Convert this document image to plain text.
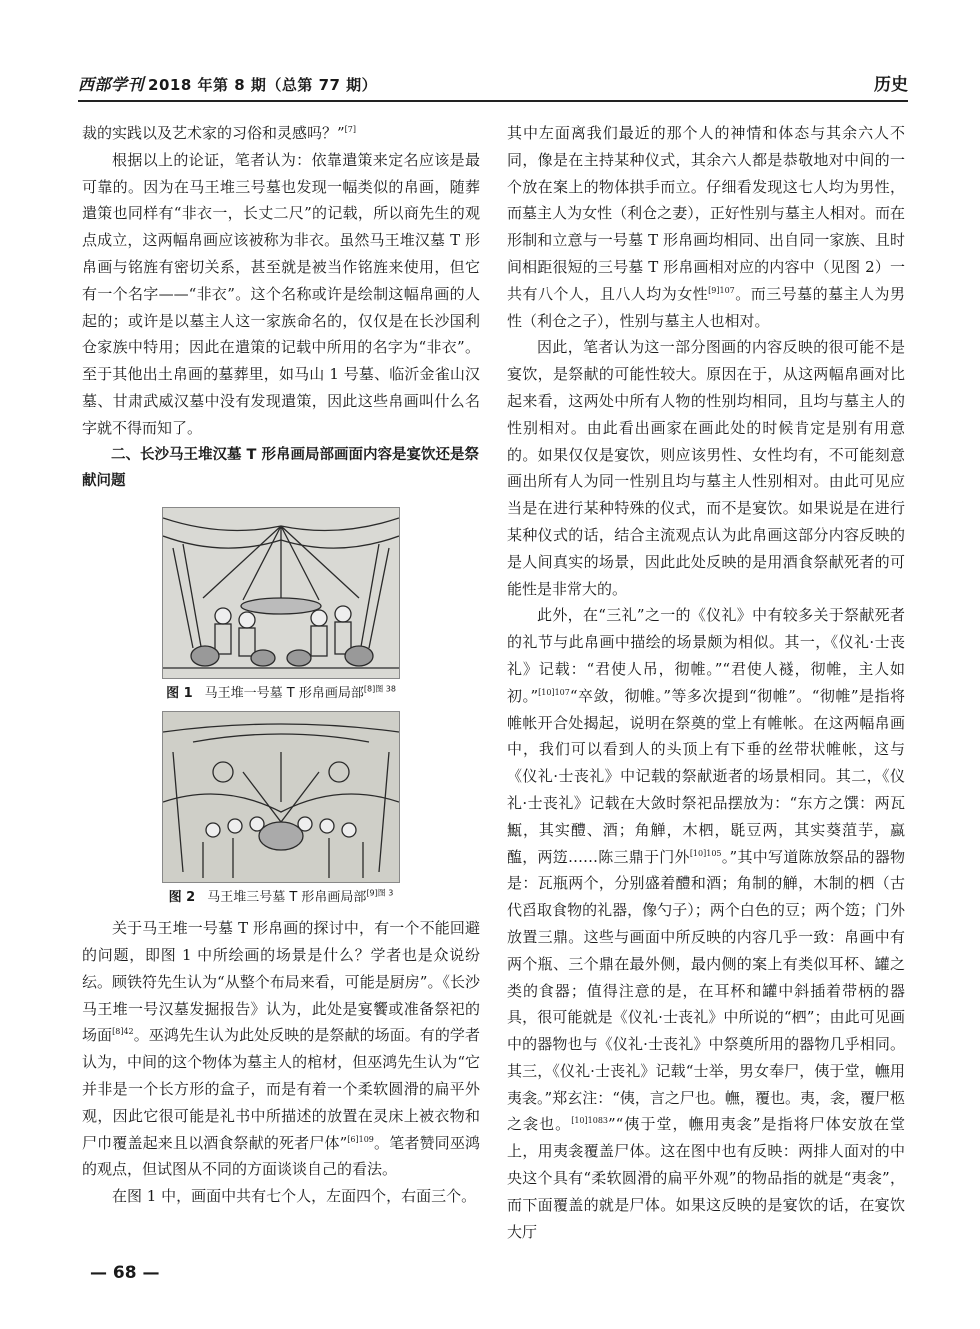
西部学刊 2018 年第 8 期（总第 77 期）	历史

裁的实践以及艺术家的习俗和灵感吗？”[7]

根据以上的论证，笔者认为：依靠遣策来定名应该是最可靠的。因为在马王堆三号墓也发现一幅类似的帛画，随葬遣策也同样有“非衣一，长丈二尺”的记载，所以商先生的观点成立，这两幅帛画应该被称为非衣。虽然马王堆汉墓 T 形帛画与铭旌有密切关系，甚至就是被当作铭旌来使用，但它有一个名字——“非衣”。这个名称或许是绘制这幅帛画的人起的；或许是以墓主人这一家族命名的，仅仅是在长沙国利仓家族中特用；因此在遣策的记载中所用的名字为“非衣”。至于其他出土帛画的墓葬里，如马山 1 号墓、临沂金雀山汉墓、甘肃武威汉墓中没有发现遣策，因此这些帛画叫什么名字就不得而知了。

二、长沙马王堆汉墓 T 形帛画局部画面内容是宴饮还是祭献问题
图 1 马王堆一号墓 T 形帛画局部$^{[8]图 38}$
图 2 马王堆三号墓 T 形帛画局部$^{[9]图 3}$

关于马王堆一号墓 T 形帛画的探讨中，有一个不能回避的问题，即图 1 中所绘画的场景是什么？学者也是众说纷纭。顾铁符先生认为“从整个布局来看，可能是厨房”。《长沙马王堆一号汉墓发掘报告》认为，此处是宴饗或准备祭祀的场面$^{[8]42}$。巫鸿先生认为此处反映的是祭献的场面。有的学者认为，中间的这个物体为墓主人的棺材，但巫鸿先生认为“它并非是一个长方形的盒子，而是有着一个柔软圆滑的扁平外观，因此它很可能是礼书中所描述的放置在灵床上被衣物和尸巾覆盖起来且以酒食祭献的死者尸体”$^{[6]109}$。笔者赞同巫鸿的观点，但试图从不同的方面谈谈自己的看法。

在图 1 中，画面中共有七个人，左面四个，右面三个。

其中左面离我们最近的那个人的神情和体态与其余六人不同，像是在主持某种仪式，其余六人都是恭敬地对中间的一个放在案上的物体拱手而立。仔细看发现这七人均为男性，而墓主人为女性（利仓之妻），正好性别与墓主人相对。而在形制和立意与一号墓 T 形帛画均相同、出自同一家族、且时间相距很短的三号墓 T 形帛画相对应的内容中（见图 2）一共有八个人，且八人均为女性$^{[9]107}$。而三号墓的墓主人为男性（利仓之子），性别与墓主人也相对。

因此，笔者认为这一部分图画的内容反映的很可能不是宴饮，是祭献的可能性较大。原因在于，从这两幅帛画对比起来看，这两处中所有人物的性别均相同，且均与墓主人的性别相对。由此看出画家在画此处的时候肯定是别有用意的。如果仅仅是宴饮，则应该男性、女性均有，不可能刻意画出所有人为同一性别且均与墓主人性别相对。由此可见应当是在进行某种特殊的仪式，而不是宴饮。如果说是在进行某种仪式的话，结合主流观点认为此帛画这部分内容反映的是人间真实的场景，因此此处反映的是用酒食祭献死者的可能性是非常大的。

此外，在“三礼”之一的《仪礼》中有较多关于祭献死者的礼节与此帛画中描绘的场景颇为相似。其一，《仪礼·士丧礼》记载：“君使人吊，彻帷。”“君使人襚，彻帷，主人如初。”$^{[10]107}$“卒敛，彻帷。”等多次提到“彻帷”。“彻帷”是指将帷帐开合处揭起，说明在祭奠的堂上有帷帐。在这两幅帛画中，我们可以看到人的头顶上有下垂的丝带状帷帐，这与《仪礼·士丧礼》中记载的祭献逝者的场景相同。其二，《仪礼·士丧礼》记载在大敛时祭祀品摆放为：“东方之馔：两瓦甒，其实醴、酒；角觯，木柶，毼豆两，其实葵菹芋，蠃醢，两笾……陈三鼎于门外$^{[10]105}$。”其中写道陈放祭品的器物是：瓦瓶两个，分别盛着醴和酒；角制的觯，木制的柶（古代舀取食物的礼器，像勺子）；两个白色的豆；两个笾；门外放置三鼎。这些与画面中所反映的内容几乎一致：帛画中有两个瓶、三个鼎在最外侧，最内侧的案上有类似耳杯、罐之类的食器；值得注意的是，在耳杯和罐中斜插着带柄的器具，很可能就是《仪礼·士丧礼》中所说的“柶”；由此可见画中的器物也与《仪礼·士丧礼》中祭奠所用的器物几乎相同。其三，《仪礼·士丧礼》记载“士举，男女奉尸，侇于堂，幠用夷衾。”郑玄注：“侇，言之尸也。幠，覆也。夷，衾，覆尸柩之衾也。$^{[10]1083}$”“侇于堂，幠用夷衾”是指将尸体安放在堂上，用夷衾覆盖尸体。这在图中也有反映：两排人面对的中央这个具有“柔软圆滑的扁平外观”的物品指的就是“夷衾”，而下面覆盖的就是尸体。如果这反映的是宴饮的话，在宴饮大厅

— 68 —
